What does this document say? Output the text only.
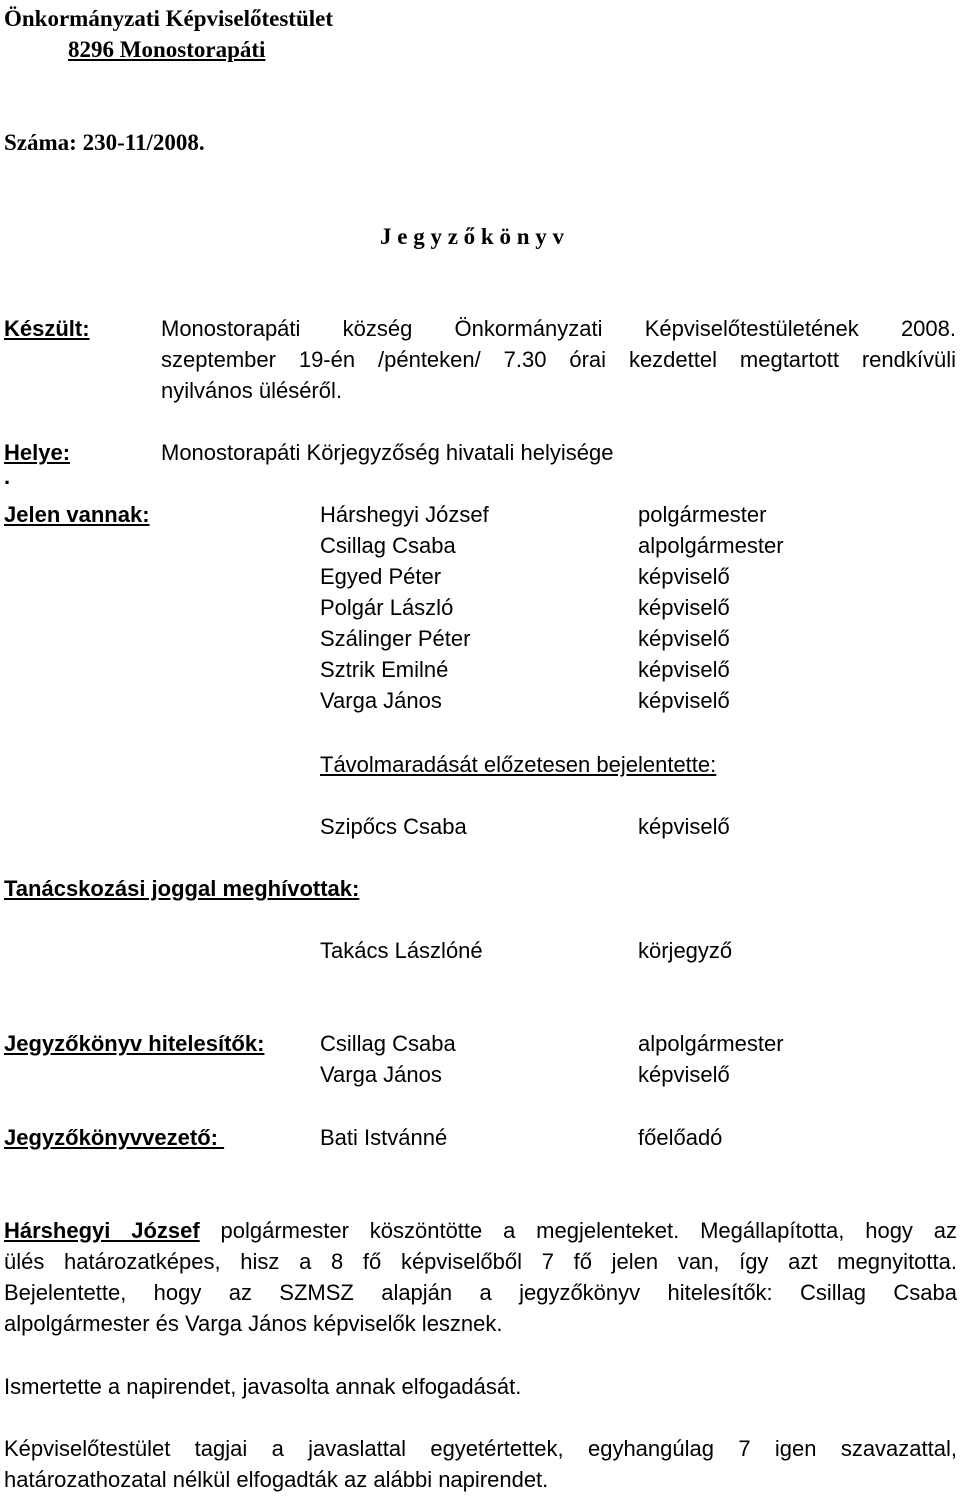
Önkormányzati Képviselőtestület
8296 Monostorapáti
Száma: 230-11/2008.
J e g y z ő k ö n y v
Készült:	Monostorapáti község Önkormányzati Képviselőtestületének 2008.
szeptember 19-én /pénteken/ 7.30 órai kezdettel megtartott rendkívüli
nyilvános üléséről.
Helye:	Monostorapáti Körjegyzőség hivatali helyisége
.
Jelen vannak:	Hárshegyi József	polgármester
Csillag Csaba	alpolgármester
Egyed Péter	képviselő
Polgár László	képviselő
Szálinger Péter	képviselő
Sztrik Emilné	képviselő
Varga János	képviselő
Távolmaradását előzetesen bejelentette:
Szipőcs Csaba	képviselő
Tanácskozási joggal meghívottak:
Takács Lászlóné	körjegyző
Jegyzőkönyv hitelesítők:	Csillag Csaba	alpolgármester
Varga János	képviselő
Jegyzőkönyvvezető:	Bati Istvánné	főelőadó
Hárshegyi József polgármester köszöntötte a megjelenteket. Megállapította, hogy az
ülés határozatképes, hisz a 8 fő képviselőből 7 fő jelen van, így azt megnyitotta.
Bejelentette, hogy az SZMSZ alapján a jegyzőkönyv hitelesítők: Csillag Csaba
alpolgármester és Varga János képviselők lesznek.
Ismertette a napirendet, javasolta annak elfogadását.
Képviselőtestület tagjai a javaslattal egyetértettek, egyhangúlag 7 igen szavazattal,
határozathozatal nélkül elfogadták az alábbi napirendet.
